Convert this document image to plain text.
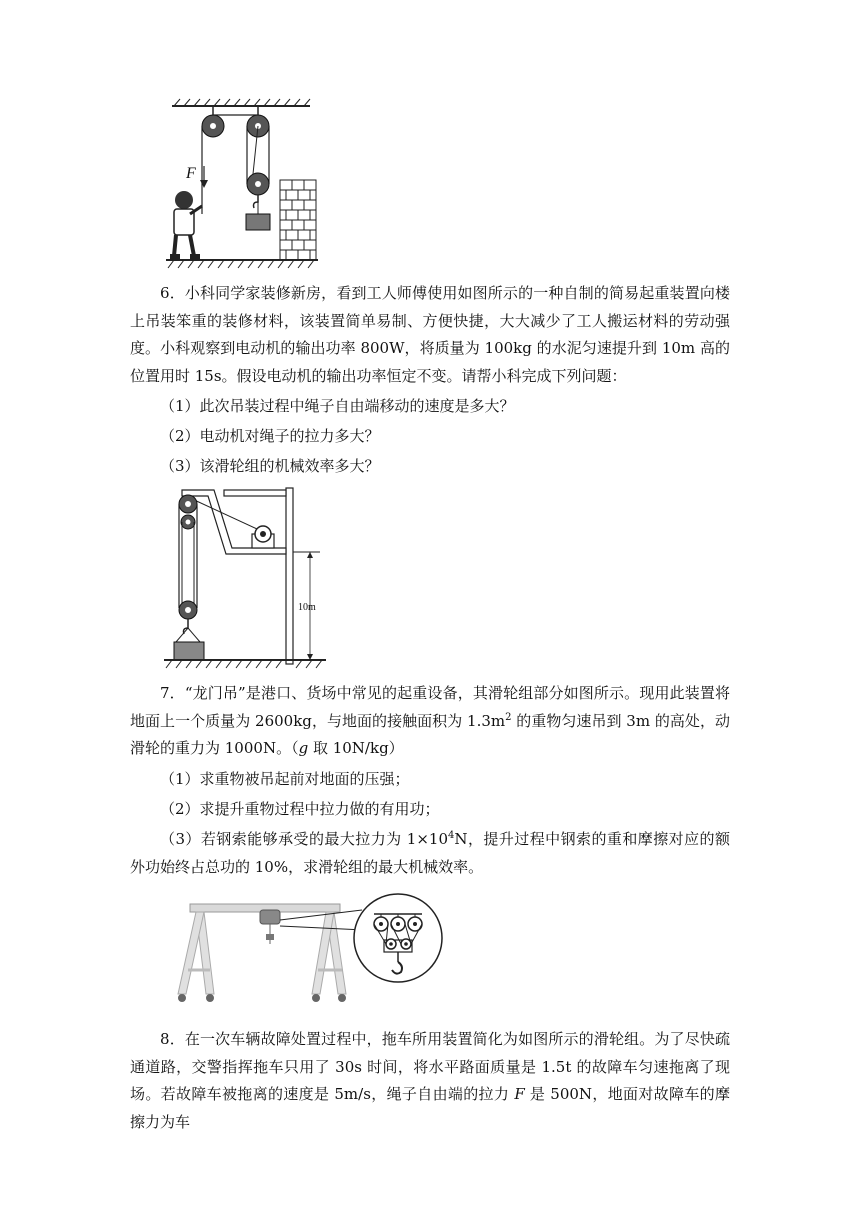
F

6．小科同学家装修新房，看到工人师傅使用如图所示的一种自制的简易起重装置向楼上吊装笨重的装修材料，该装置简单易制、方便快捷，大大减少了工人搬运材料的劳动强度。小科观察到电动机的输出功率 800W，将质量为 100kg 的水泥匀速提升到 10m 高的位置用时 15s。假设电动机的输出功率恒定不变。请帮小科完成下列问题：

（1）此次吊装过程中绳子自由端移动的速度是多大？

（2）电动机对绳子的拉力多大？

（3）该滑轮组的机械效率多大？

10m

7．“龙门吊”是港口、货场中常见的起重设备，其滑轮组部分如图所示。现用此装置将地面上一个质量为 2600kg，与地面的接触面积为 $1.3m^2$ 的重物匀速吊到 3m 的高处，动滑轮的重力为 1000N。（g 取 10N/kg）

（1）求重物被吊起前对地面的压强；

（2）求提升重物过程中拉力做的有用功；

（3）若钢索能够承受的最大拉力为 $1\times 10^4N$，提升过程中钢索的重和摩擦对应的额外功始终占总功的 10%，求滑轮组的最大机械效率。

8．在一次车辆故障处置过程中，拖车所用装置简化为如图所示的滑轮组。为了尽快疏通道路，交警指挥拖车只用了 30s 时间，将水平路面质量是 1.5t 的故障车匀速拖离了现场。若故障车被拖离的速度是 5m/s，绳子自由端的拉力 F 是 500N，地面对故障车的摩擦力为车
